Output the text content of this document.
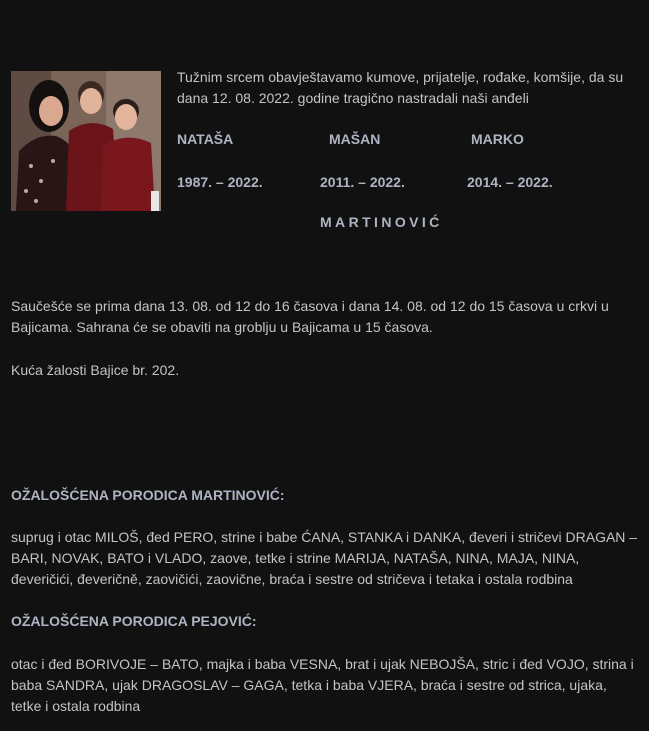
Tužnim srcem obavještavamo kumove, prijatelje, rođake, komšije, da su dana 12. 08. 2022. godine tragično nastradali naši anđeli
NATAŠA	MAŠAN	MARKO
1987. – 2022.	2011. – 2022.	2014. – 2022.
MARTINOVIĆ
Saučešće se prima dana 13. 08. od 12 do 16 časova i dana 14. 08. od 12 do 15 časova u crkvi u Bajicama. Sahrana će se obaviti na groblju u Bajicama u 15 časova.
Kuća žalosti Bajice br. 202.
OŽALOŠĆENA PORODICA MARTINOVIĆ:
suprug i otac MILOŠ, đed PERO, strine i babe ĆANA, STANKA i DANKA, đeveri i stričevi DRAGAN – BARI, NOVAK, BATO i VLADO, zaove, tetke i strine MARIJA, NATAŠA, NINA, MAJA, NINA, đeveričići, đeveričně, zaovičići, zaovične, braća i sestre od stričeva i tetaka i ostala rodbina
OŽALOŠĆENA PORODICA PEJOVIĆ:
otac i đed BORIVOJE – BATO, majka i baba VESNA, brat i ujak NEBOJŠA, stric i đed VOJO, strina i baba SANDRA, ujak DRAGOSLAV – GAGA, tetka i baba VJERA, braća i sestre od strica, ujaka, tetke i ostala rodbina
